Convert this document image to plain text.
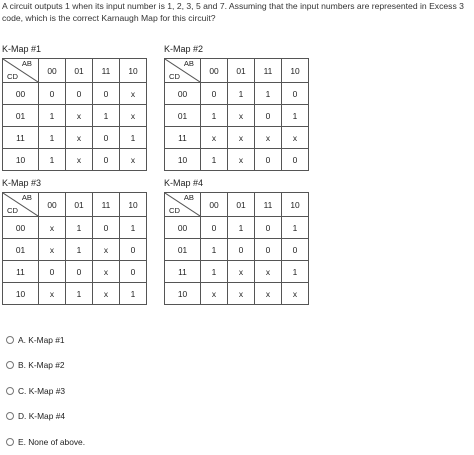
A circuit outputs 1 when its input number is 1, 2, 3, 5 and 7. Assuming that the input numbers are represented in Excess 3 code, which is the correct Karnaugh Map for this circuit?

K-Map #1
AB
CD	00	01	11	10
00	0	0	0	x
01	1	x	1	x
11	1	x	0	1
10	1	x	0	x
K-Map #2
AB
CD	00	01	11	10
00	0	1	1	0
01	1	x	0	1
11	x	x	x	x
10	1	x	0	0
K-Map #3
AB
CD	00	01	11	10
00	x	1	0	1
01	x	1	x	0
11	0	0	x	0
10	x	1	x	1
K-Map #4
AB
CD	00	01	11	10
00	0	1	0	1
01	1	0	0	0
11	1	x	x	1
10	x	x	x	x
A. K-Map #1
B. K-Map #2
C. K-Map #3
D. K-Map #4
E. None of above.
